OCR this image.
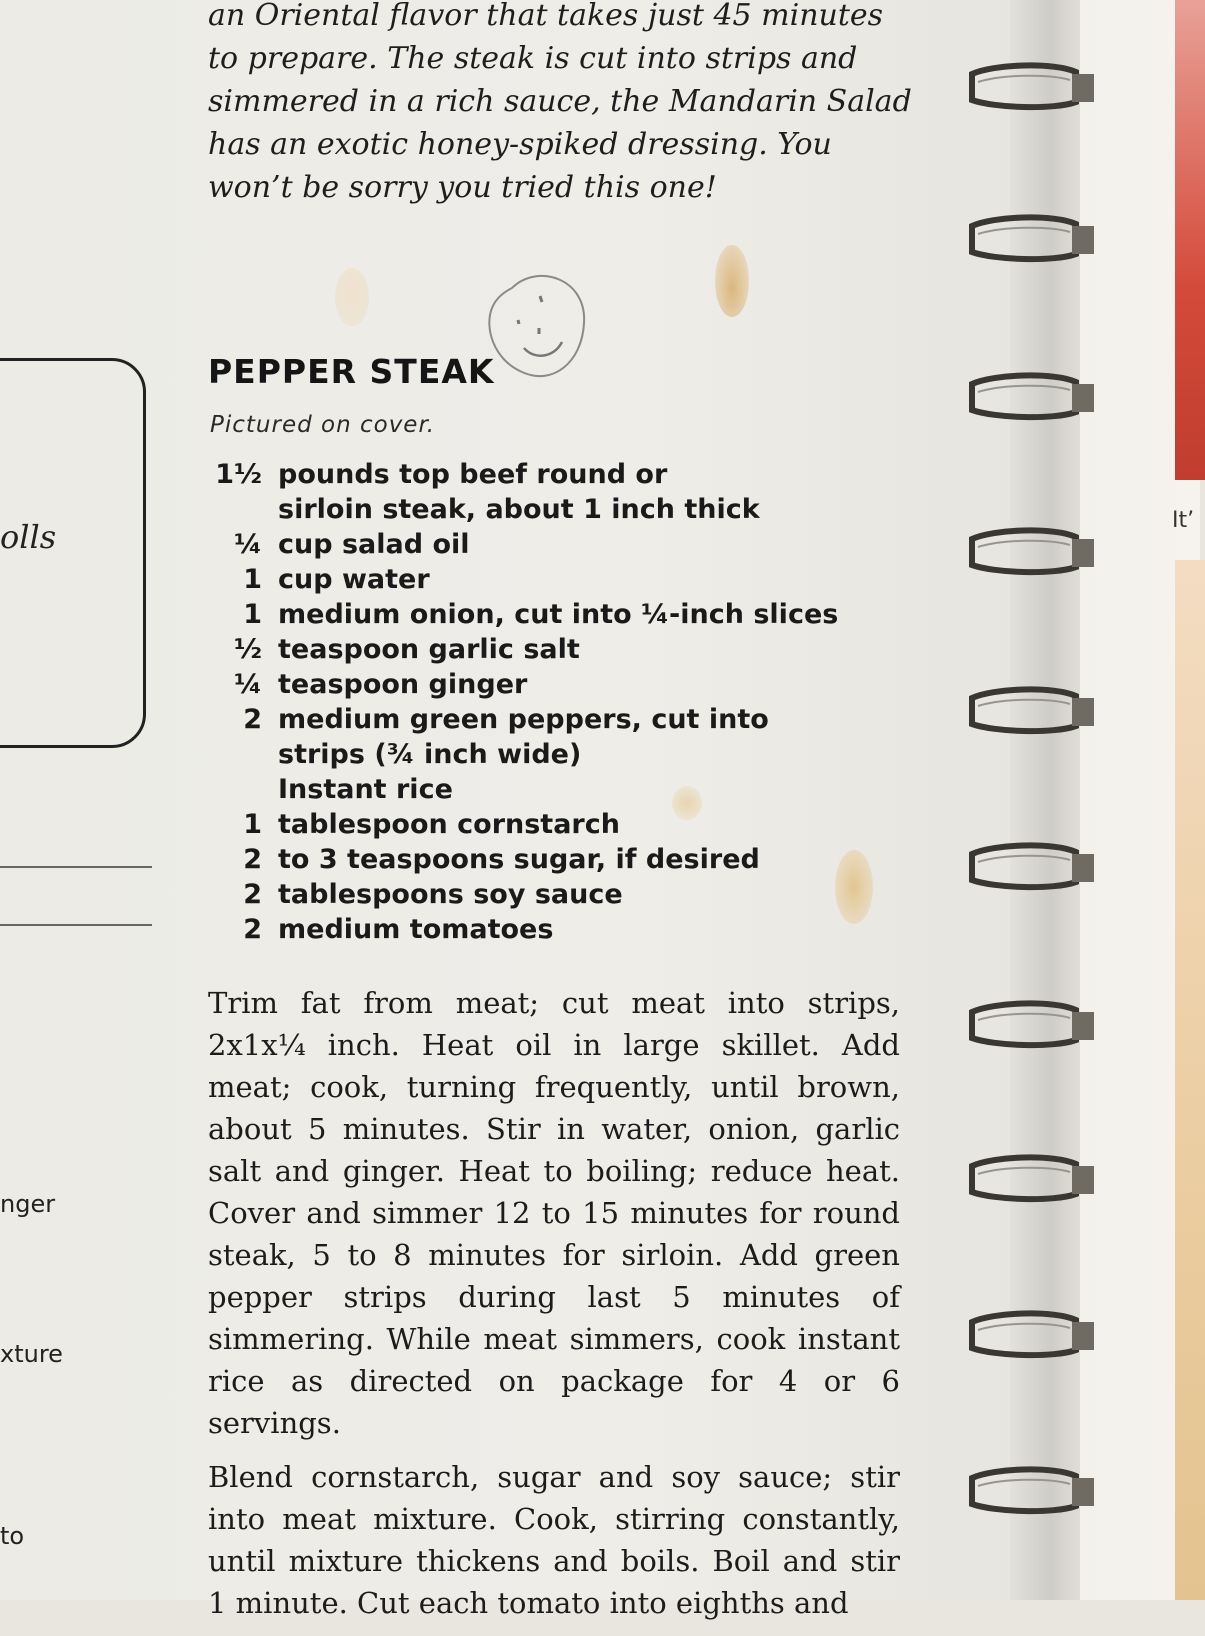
an Oriental flavor that takes just 45 minutes

to prepare. The steak is cut into strips and

simmered in a rich sauce, the Mandarin Salad

has an exotic honey-spiked dressing. You

won’t be sorry you tried this one!

PEPPER STEAK
Pictured on cover.
1½ pounds top beef round or
sirloin steak, about 1 inch thick
¼ cup salad oil
1 cup water
1 medium onion, cut into ¼-inch slices
½ teaspoon garlic salt
¼ teaspoon ginger
2 medium green peppers, cut into
strips (¾ inch wide)
Instant rice
1 tablespoon cornstarch
2 to 3 teaspoons sugar, if desired
2 tablespoons soy sauce
2 medium tomatoes

Trim fat from meat; cut meat into strips, 2x1x¼ inch. Heat oil in large skillet. Add meat; cook, turning frequently, until brown, about 5 minutes. Stir in water, onion, garlic salt and ginger. Heat to boiling; reduce heat. Cover and simmer 12 to 15 minutes for round steak, 5 to 8 minutes for sirloin. Add green pepper strips during last 5 minutes of simmering. While meat simmers, cook instant rice as directed on package for 4 or 6 servings.

Blend cornstarch, sugar and soy sauce; stir into meat mixture. Cook, stirring constantly, until mixture thickens and boils. Boil and stir 1 minute. Cut each tomato into eighths and

olls
nger
xture
to
It’
